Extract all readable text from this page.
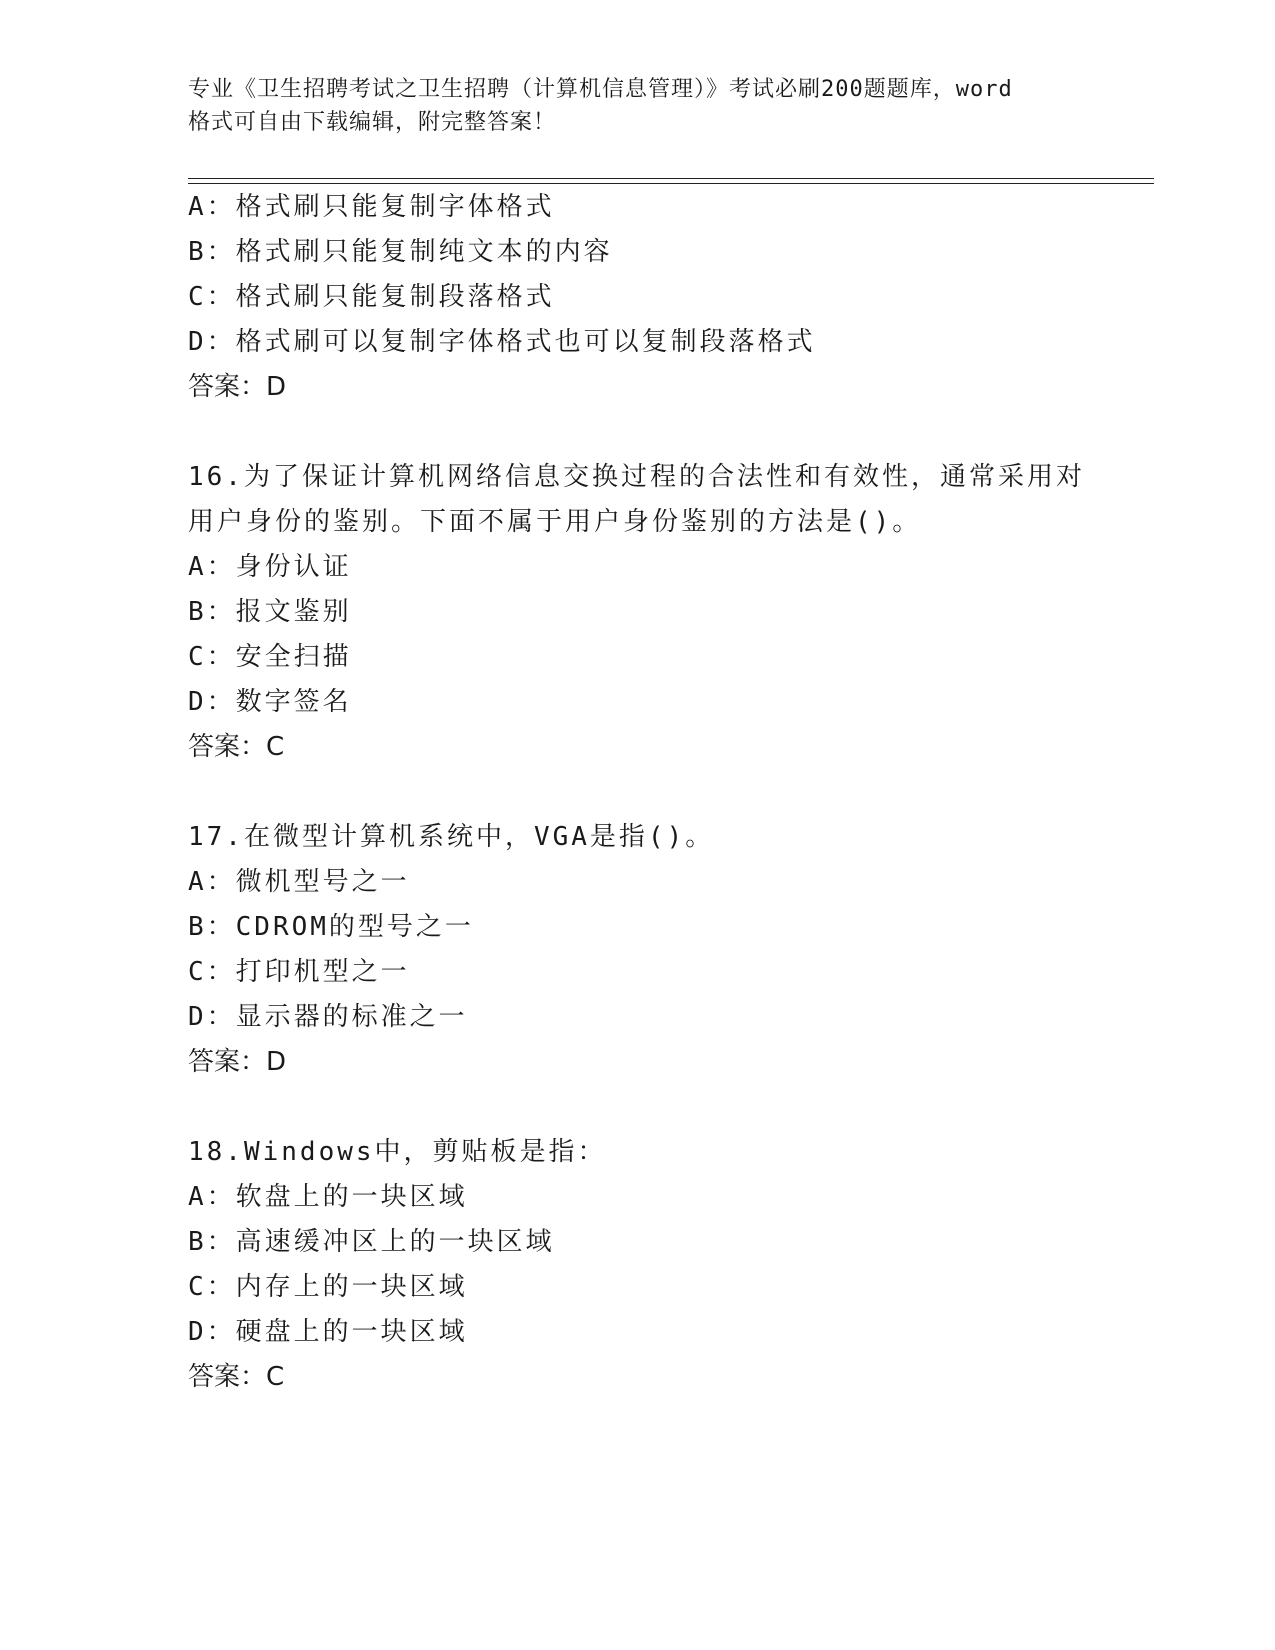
专业《卫生招聘考试之卫生招聘（计算机信息管理）》考试必刷200题题库，word
格式可自由下载编辑，附完整答案！
A：格式刷只能复制字体格式
B：格式刷只能复制纯文本的内容
C：格式刷只能复制段落格式
D：格式刷可以复制字体格式也可以复制段落格式
答案：D
16.为了保证计算机网络信息交换过程的合法性和有效性，通常采用对
用户身份的鉴别。下面不属于用户身份鉴别的方法是()。
A：身份认证
B：报文鉴别
C：安全扫描
D：数字签名
答案：C
17.在微型计算机系统中，VGA是指()。
A：微机型号之一
B：CDROM的型号之一
C：打印机型之一
D：显示器的标准之一
答案：D
18.Windows中，剪贴板是指：
A：软盘上的一块区域
B：高速缓冲区上的一块区域
C：内存上的一块区域
D：硬盘上的一块区域
答案：C
